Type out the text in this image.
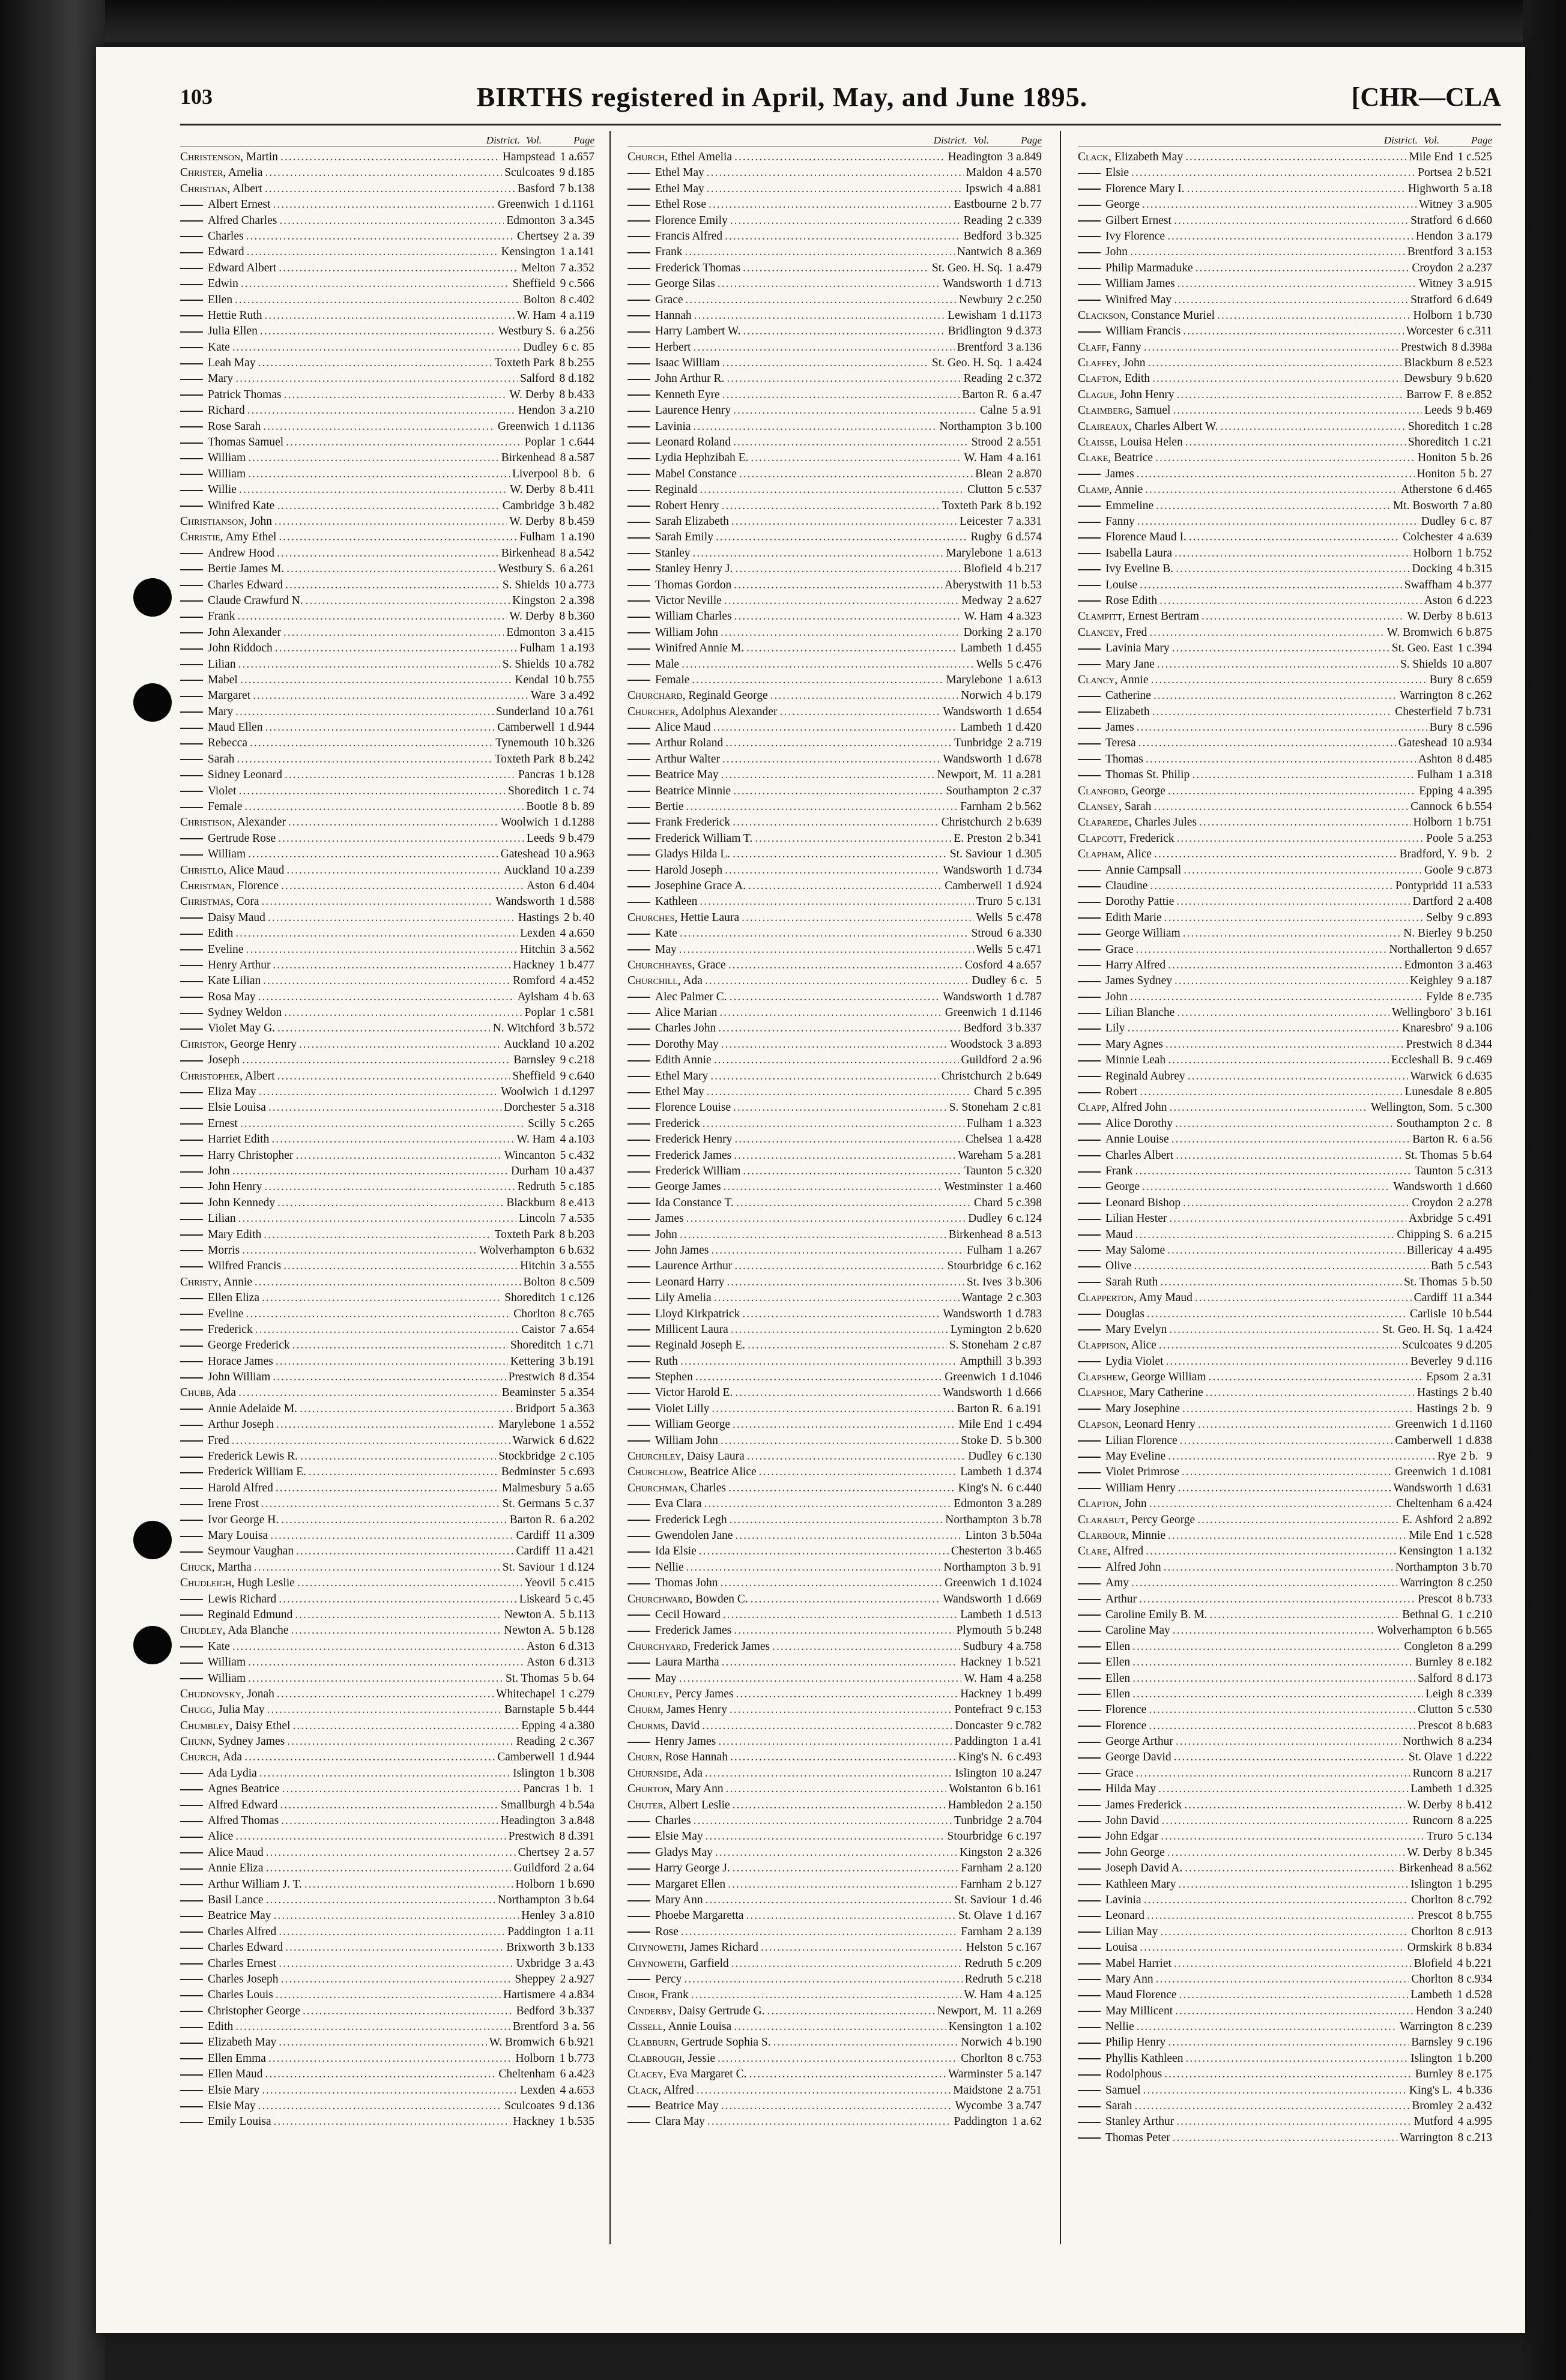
103	BIRTHS registered in April, May, and June 1895.	[CHR—CLA
District. Vol.	Page
Christenson, Martin .....	Hampstead 1 a. 657
Christer, Amelia .....	Sculcoates 9 d. 185
Christian, Albert .....	Basford 7 b. 138
Albert Ernest .....	Greenwich 1 d. 1161
Alfred Charles .....	Edmonton 3 a. 345
Charles .....	Chertsey 2 a. 39
Edward .....	Kensington 1 a. 141
Edward Albert .....	Melton 7 a. 352
Edwin .....	Sheffield 9 c. 566
Ellen .....	Bolton 8 c. 402
Hettie Ruth .....	W. Ham 4 a. 119
Julia Ellen .....	Westbury S. 6 a. 256
Kate .....	Dudley 6 c. 85
Leah May .....	Toxteth Park 8 b. 255
Mary .....	Salford 8 d. 182
Patrick Thomas .....	W. Derby 8 b. 433
Richard .....	Hendon 3 a. 210
Rose Sarah .....	Greenwich 1 d. 1136
Thomas Samuel .....	Poplar 1 c. 644
William .....	Birkenhead 8 a. 587
William .....	Liverpool 8 b. 6
Willie .....	W. Derby 8 b. 411
Winifred Kate .....	Cambridge 3 b. 482
Christianson, John .....	W. Derby 8 b. 459
Christie, Amy Ethel .....	Fulham 1 a. 190
Andrew Hood .....	Birkenhead 8 a. 542
Bertie James M. .....	Westbury S. 6 a. 261
Charles Edward .....	S. Shields 10 a. 773
Claude Crawfurd N. .....	Kingston 2 a. 398
Frank .....	W. Derby 8 b. 360
John Alexander .....	Edmonton 3 a. 415
John Riddoch .....	Fulham 1 a. 193
Lilian .....	S. Shields 10 a. 782
Mabel .....	Kendal 10 b. 755
Margaret .....	Ware 3 a. 492
Mary .....	Sunderland 10 a. 761
Maud Ellen .....	Camberwell 1 d. 944
Rebecca .....	Tynemouth 10 b. 326
Sarah .....	Toxteth Park 8 b. 242
Sidney Leonard .....	Pancras 1 b. 128
Violet .....	Shoreditch 1 c. 74
Female .....	Bootle 8 b. 89
Christison, Alexander .....	Woolwich 1 d. 1288
Gertrude Rose .....	Leeds 9 b. 479
William .....	Gateshead 10 a. 963
Christlo, Alice Maud .....	Auckland 10 a. 239
Christman, Florence .....	Aston 6 d. 404
Christmas, Cora .....	Wandsworth 1 d. 588
Daisy Maud .....	Hastings 2 b. 40
Edith .....	Lexden 4 a. 650
Eveline .....	Hitchin 3 a. 562
Henry Arthur .....	Hackney 1 b. 477
Kate Lilian .....	Romford 4 a. 452
Rosa May .....	Aylsham 4 b. 63
Sydney Weldon .....	Poplar 1 c. 581
Violet May G. .....	N. Witchford 3 b. 572
Christon, George Henry .....	Auckland 10 a. 202
Joseph .....	Barnsley 9 c. 218
Christopher, Albert .....	Sheffield 9 c. 640
Eliza May .....	Woolwich 1 d. 1297
Elsie Louisa .....	Dorchester 5 a. 318
Ernest .....	Scilly 5 c. 265
Harriet Edith .....	W. Ham 4 a. 103
Harry Christopher .....	Wincanton 5 c. 432
John .....	Durham 10 a. 437
John Henry .....	Redruth 5 c. 185
John Kennedy .....	Blackburn 8 e. 413
Lilian .....	Lincoln 7 a. 535
Mary Edith .....	Toxteth Park 8 b. 203
Morris .....	Wolverhampton 6 b. 632
Wilfred Francis .....	Hitchin 3 a. 555
Christy, Annie .....	Bolton 8 c. 509
Ellen Eliza .....	Shoreditch 1 c. 126
Eveline .....	Chorlton 8 c. 765
Frederick .....	Caistor 7 a. 654
George Frederick .....	Shoreditch 1 c. 71
Horace James .....	Kettering 3 b. 191
John William .....	Prestwich 8 d. 354
Chubb, Ada .....	Beaminster 5 a. 354
Annie Adelaide M. .....	Bridport 5 a. 363
Arthur Joseph .....	Marylebone 1 a. 552
Fred .....	Warwick 6 d. 622
Frederick Lewis R. .....	Stockbridge 2 c. 105
Frederick William E. .....	Bedminster 5 c. 693
Harold Alfred .....	Malmesbury 5 a. 65
Irene Frost .....	St. Germans 5 c. 37
Ivor George H. .....	Barton R. 6 a. 202
Mary Louisa .....	Cardiff 11 a. 309
Seymour Vaughan .....	Cardiff 11 a. 421
Chuck, Martha .....	St. Saviour 1 d. 124
Chudleigh, Hugh Leslie .....	Yeovil 5 c. 415
Lewis Richard .....	Liskeard 5 c. 45
Reginald Edmund .....	Newton A. 5 b. 113
Chudley, Ada Blanche .....	Newton A. 5 b. 128
Kate .....	Aston 6 d. 313
William .....	Aston 6 d. 313
William .....	St. Thomas 5 b. 64
Chudnovsky, Jonah .....	Whitechapel 1 c. 279
Chugg, Julia May .....	Barnstaple 5 b. 444
Chumbley, Daisy Ethel .....	Epping 4 a. 380
Chunn, Sydney James .....	Reading 2 c. 367
Church, Ada .....	Camberwell 1 d. 944
Ada Lydia .....	Islington 1 b. 308
Agnes Beatrice .....	Pancras 1 b. 1
Alfred Edward .....	Smallburgh 4 b. 54a
Alfred Thomas .....	Headington 3 a. 848
Alice .....	Prestwich 8 d. 391
Alice Maud .....	Chertsey 2 a. 57
Annie Eliza .....	Guildford 2 a. 64
Arthur William J. T. .....	Holborn 1 b. 690
Basil Lance .....	Northampton 3 b. 64
Beatrice May .....	Henley 3 a. 810
Charles Alfred .....	Paddington 1 a. 11
Charles Edward .....	Brixworth 3 b. 133
Charles Ernest .....	Uxbridge 3 a. 43
Charles Joseph .....	Sheppey 2 a. 927
Charles Louis .....	Hartismere 4 a. 834
Christopher George .....	Bedford 3 b. 337
Edith .....	Brentford 3 a. 56
Elizabeth May .....	W. Bromwich 6 b. 921
Ellen Emma .....	Holborn 1 b. 773
Ellen Maud .....	Cheltenham 6 a. 423
Elsie Mary .....	Lexden 4 a. 653
Elsie May .....	Sculcoates 9 d. 136
Emily Louisa .....	Hackney 1 b. 535
District. Vol.	Page
Church, Ethel Amelia .....	Headington 3 a. 849
Ethel May .....	Maldon 4 a. 570
Ethel May .....	Ipswich 4 a. 881
Ethel Rose .....	Eastbourne 2 b. 77
Florence Emily .....	Reading 2 c. 339
Francis Alfred .....	Bedford 3 b. 325
Frank .....	Nantwich 8 a. 369
Frederick Thomas .....	St. Geo. H. Sq. 1 a. 479
George Silas .....	Wandsworth 1 d. 713
Grace .....	Newbury 2 c. 250
Hannah .....	Lewisham 1 d. 1173
Harry Lambert W. .....	Bridlington 9 d. 373
Herbert .....	Brentford 3 a. 136
Isaac William .....	St. Geo. H. Sq. 1 a. 424
John Arthur R. .....	Reading 2 c. 372
Kenneth Eyre .....	Barton R. 6 a. 47
Laurence Henry .....	Calne 5 a. 91
Lavinia .....	Northampton 3 b. 100
Leonard Roland .....	Strood 2 a. 551
Lydia Hephzibah E. .....	W. Ham 4 a. 161
Mabel Constance .....	Blean 2 a. 870
Reginald .....	Clutton 5 c. 537
Robert Henry .....	Toxteth Park 8 b. 192
Sarah Elizabeth .....	Leicester 7 a. 331
Sarah Emily .....	Rugby 6 d. 574
Stanley .....	Marylebone 1 a. 613
Stanley Henry J. .....	Blofield 4 b. 217
Thomas Gordon .....	Aberystwith 11 b. 53
Victor Neville .....	Medway 2 a. 627
William Charles .....	W. Ham 4 a. 323
William John .....	Dorking 2 a. 170
Winifred Annie M. .....	Lambeth 1 d. 455
Male .....	Wells 5 c. 476
Female .....	Marylebone 1 a. 613
Churchard, Reginald George .....	Norwich 4 b. 179
Churcher, Adolphus Alexander .....	Wandsworth 1 d. 654
Alice Maud .....	Lambeth 1 d. 420
Arthur Roland .....	Tunbridge 2 a. 719
Arthur Walter .....	Wandsworth 1 d. 678
Beatrice May .....	Newport, M. 11 a. 281
Beatrice Minnie .....	Southampton 2 c. 37
Bertie .....	Farnham 2 b. 562
Frank Frederick .....	Christchurch 2 b. 639
Frederick William T. .....	E. Preston 2 b. 341
Gladys Hilda L. .....	St. Saviour 1 d. 305
Harold Joseph .....	Wandsworth 1 d. 734
Josephine Grace A. .....	Camberwell 1 d. 924
Kathleen .....	Truro 5 c. 131
Churches, Hettie Laura .....	Wells 5 c. 478
Kate .....	Stroud 6 a. 330
May .....	Wells 5 c. 471
Churchhayes, Grace .....	Cosford 4 a. 657
Churchill, Ada .....	Dudley 6 c. 5
Alec Palmer C. .....	Wandsworth 1 d. 787
Alice Marian .....	Greenwich 1 d. 1146
Charles John .....	Bedford 3 b. 337
Dorothy May .....	Woodstock 3 a. 893
Edith Annie .....	Guildford 2 a. 96
Ethel Mary .....	Christchurch 2 b. 649
Ethel May .....	Chard 5 c. 395
Florence Louise .....	S. Stoneham 2 c. 81
Frederick .....	Fulham 1 a. 323
Frederick Henry .....	Chelsea 1 a. 428
Frederick James .....	Wareham 5 a. 281
Frederick William .....	Taunton 5 c. 320
George James .....	Westminster 1 a. 460
Ida Constance T. .....	Chard 5 c. 398
James .....	Dudley 6 c. 124
John .....	Birkenhead 8 a. 513
John James .....	Fulham 1 a. 267
Laurence Arthur .....	Stourbridge 6 c. 162
Leonard Harry .....	St. Ives 3 b. 306
Lily Amelia .....	Wantage 2 c. 303
Lloyd Kirkpatrick .....	Wandsworth 1 d. 783
Millicent Laura .....	Lymington 2 b. 620
Reginald Joseph E. .....	S. Stoneham 2 c. 87
Ruth .....	Ampthill 3 b. 393
Stephen .....	Greenwich 1 d. 1046
Victor Harold E. .....	Wandsworth 1 d. 666
Violet Lilly .....	Barton R. 6 a. 191
William George .....	Mile End 1 c. 494
William John .....	Stoke D. 5 b. 300
Churchley, Daisy Laura .....	Dudley 6 c. 130
Churchlow, Beatrice Alice .....	Lambeth 1 d. 374
Churchman, Charles .....	King's N. 6 c. 440
Eva Clara .....	Edmonton 3 a. 289
Frederick Legh .....	Northampton 3 b. 78
Gwendolen Jane .....	Linton 3 b. 504a
Ida Elsie .....	Chesterton 3 b. 465
Nellie .....	Northampton 3 b. 91
Thomas John .....	Greenwich 1 d. 1024
Churchward, Bowden C. .....	Wandsworth 1 d. 669
Cecil Howard .....	Lambeth 1 d. 513
Frederick James .....	Plymouth 5 b. 248
Churchyard, Frederick James .....	Sudbury 4 a. 758
Laura Martha .....	Hackney 1 b. 521
May .....	W. Ham 4 a. 258
Churley, Percy James .....	Hackney 1 b. 499
Churm, James Henry .....	Pontefract 9 c. 153
Churms, David .....	Doncaster 9 c. 782
Henry James .....	Paddington 1 a. 41
Churn, Rose Hannah .....	King's N. 6 c. 493
Churnside, Ada .....	Islington 10 a. 247
Churton, Mary Ann .....	Wolstanton 6 b. 161
Chuter, Albert Leslie .....	Hambledon 2 a. 150
Charles .....	Tunbridge 2 a. 704
Elsie May .....	Stourbridge 6 c. 197
Gladys May .....	Kingston 2 a. 326
Harry George J. .....	Farnham 2 a. 120
Margaret Ellen .....	Farnham 2 b. 127
Mary Ann .....	St. Saviour 1 d. 46
Phoebe Margaretta .....	St. Olave 1 d. 167
Rose .....	Farnham 2 a. 139
Chynoweth, James Richard .....	Helston 5 c. 167
Chynoweth, Garfield .....	Redruth 5 c. 209
Percy .....	Redruth 5 c. 218
Cibor, Frank .....	W. Ham 4 a. 125
Cinderby, Daisy Gertrude G. .....	Newport, M. 11 a. 269
Cissell, Annie Louisa .....	Kensington 1 a. 102
Clabburn, Gertrude Sophia S. .....	Norwich 4 b. 190
Clabrough, Jessie .....	Chorlton 8 c. 753
Clacey, Eva Margaret C. .....	Warminster 5 a. 147
Clack, Alfred .....	Maidstone 2 a. 751
Beatrice May .....	Wycombe 3 a. 747
Clara May .....	Paddington 1 a. 62
District. Vol.	Page
Clack, Elizabeth May .....	Mile End 1 c. 525
Elsie .....	Portsea 2 b. 521
Florence Mary I. .....	Highworth 5 a. 18
George .....	Witney 3 a. 905
Gilbert Ernest .....	Stratford 6 d. 660
Ivy Florence .....	Hendon 3 a. 179
John .....	Brentford 3 a. 153
Philip Marmaduke .....	Croydon 2 a. 237
William James .....	Witney 3 a. 915
Winifred May .....	Stratford 6 d. 649
Clackson, Constance Muriel .....	Holborn 1 b. 730
William Francis .....	Worcester 6 c. 311
Claff, Fanny .....	Prestwich 8 d. 398a
Claffey, John .....	Blackburn 8 e. 523
Clafton, Edith .....	Dewsbury 9 b. 620
Clague, John Henry .....	Barrow F. 8 e. 852
Claimberg, Samuel .....	Leeds 9 b. 469
Claireaux, Charles Albert W. .....	Shoreditch 1 c. 28
Claisse, Louisa Helen .....	Shoreditch 1 c. 21
Clake, Beatrice .....	Honiton 5 b. 26
James .....	Honiton 5 b. 27
Clamp, Annie .....	Atherstone 6 d. 465
Emmeline .....	Mt. Bosworth 7 a. 80
Fanny .....	Dudley 6 c. 87
Florence Maud I. .....	Colchester 4 a. 639
Isabella Laura .....	Holborn 1 b. 752
Ivy Eveline B. .....	Docking 4 b. 315
Louise .....	Swaffham 4 b. 377
Rose Edith .....	Aston 6 d. 223
Clampitt, Ernest Bertram .....	W. Derby 8 b. 613
Clancey, Fred .....	W. Bromwich 6 b. 875
Lavinia Mary .....	St. Geo. East 1 c. 394
Mary Jane .....	S. Shields 10 a. 807
Clancy, Annie .....	Bury 8 c. 659
Catherine .....	Warrington 8 c. 262
Elizabeth .....	Chesterfield 7 b. 731
James .....	Bury 8 c. 596
Teresa .....	Gateshead 10 a. 934
Thomas .....	Ashton 8 d. 485
Thomas St. Philip .....	Fulham 1 a. 318
Clanford, George .....	Epping 4 a. 395
Clansey, Sarah .....	Cannock 6 b. 554
Claparede, Charles Jules .....	Holborn 1 b. 751
Clapcott, Frederick .....	Poole 5 a. 253
Clapham, Alice .....	Bradford, Y. 9 b. 2
Annie Campsall .....	Goole 9 c. 873
Claudine .....	Pontypridd 11 a. 533
Dorothy Pattie .....	Dartford 2 a. 408
Edith Marie .....	Selby 9 c. 893
George William .....	N. Bierley 9 b. 250
Grace .....	Northallerton 9 d. 657
Harry Alfred .....	Edmonton 3 a. 463
James Sydney .....	Keighley 9 a. 187
John .....	Fylde 8 e. 735
Lilian Blanche .....	Wellingboro' 3 b. 161
Lily .....	Knaresbro' 9 a. 106
Mary Agnes .....	Prestwich 8 d. 344
Minnie Leah .....	Eccleshall B. 9 c. 469
Reginald Aubrey .....	Warwick 6 d. 635
Robert .....	Lunesdale 8 e. 805
Clapp, Alfred John .....	Wellington, Som. 5 c. 300
Alice Dorothy .....	Southampton 2 c. 8
Annie Louise .....	Barton R. 6 a. 56
Charles Albert .....	St. Thomas 5 b. 64
Frank .....	Taunton 5 c. 313
George .....	Wandsworth 1 d. 660
Leonard Bishop .....	Croydon 2 a. 278
Lilian Hester .....	Axbridge 5 c. 491
Maud .....	Chipping S. 6 a. 215
May Salome .....	Billericay 4 a. 495
Olive .....	Bath 5 c. 543
Sarah Ruth .....	St. Thomas 5 b. 50
Clapperton, Amy Maud .....	Cardiff 11 a. 344
Douglas .....	Carlisle 10 b. 544
Mary Evelyn .....	St. Geo. H. Sq. 1 a. 424
Clappison, Alice .....	Sculcoates 9 d. 205
Lydia Violet .....	Beverley 9 d. 116
Clapshew, George William .....	Epsom 2 a. 31
Clapshoe, Mary Catherine .....	Hastings 2 b. 40
Mary Josephine .....	Hastings 2 b. 9
Clapson, Leonard Henry .....	Greenwich 1 d. 1160
Lilian Florence .....	Camberwell 1 d. 838
May Eveline .....	Rye 2 b. 9
Violet Primrose .....	Greenwich 1 d. 1081
William Henry .....	Wandsworth 1 d. 631
Clapton, John .....	Cheltenham 6 a. 424
Clarabut, Percy George .....	E. Ashford 2 a. 892
Clarbour, Minnie .....	Mile End 1 c. 528
Clare, Alfred .....	Kensington 1 a. 132
Alfred John .....	Northampton 3 b. 70
Amy .....	Warrington 8 c. 250
Arthur .....	Prescot 8 b. 733
Caroline Emily B. M. .....	Bethnal G. 1 c. 210
Caroline May .....	Wolverhampton 6 b. 565
Ellen .....	Congleton 8 a. 299
Ellen .....	Burnley 8 e. 182
Ellen .....	Salford 8 d. 173
Ellen .....	Leigh 8 c. 339
Florence .....	Clutton 5 c. 530
Florence .....	Prescot 8 b. 683
George Arthur .....	Northwich 8 a. 234
George David .....	St. Olave 1 d. 222
Grace .....	Runcorn 8 a. 217
Hilda May .....	Lambeth 1 d. 325
James Frederick .....	W. Derby 8 b. 412
John David .....	Runcorn 8 a. 225
John Edgar .....	Truro 5 c. 134
John George .....	W. Derby 8 b. 345
Joseph David A. .....	Birkenhead 8 a. 562
Kathleen Mary .....	Islington 1 b. 295
Lavinia .....	Chorlton 8 c. 792
Leonard .....	Prescot 8 b. 755
Lilian May .....	Chorlton 8 c. 913
Louisa .....	Ormskirk 8 b. 834
Mabel Harriet .....	Blofield 4 b. 221
Mary Ann .....	Chorlton 8 c. 934
Maud Florence .....	Lambeth 1 d. 528
May Millicent .....	Hendon 3 a. 240
Nellie .....	Warrington 8 c. 239
Philip Henry .....	Barnsley 9 c. 196
Phyllis Kathleen .....	Islington 1 b. 200
Rodolphous .....	Burnley 8 e. 175
Samuel .....	King's L. 4 b. 336
Sarah .....	Bromley 2 a. 432
Stanley Arthur .....	Mutford 4 a. 995
Thomas Peter .....	Warrington 8 c. 213
